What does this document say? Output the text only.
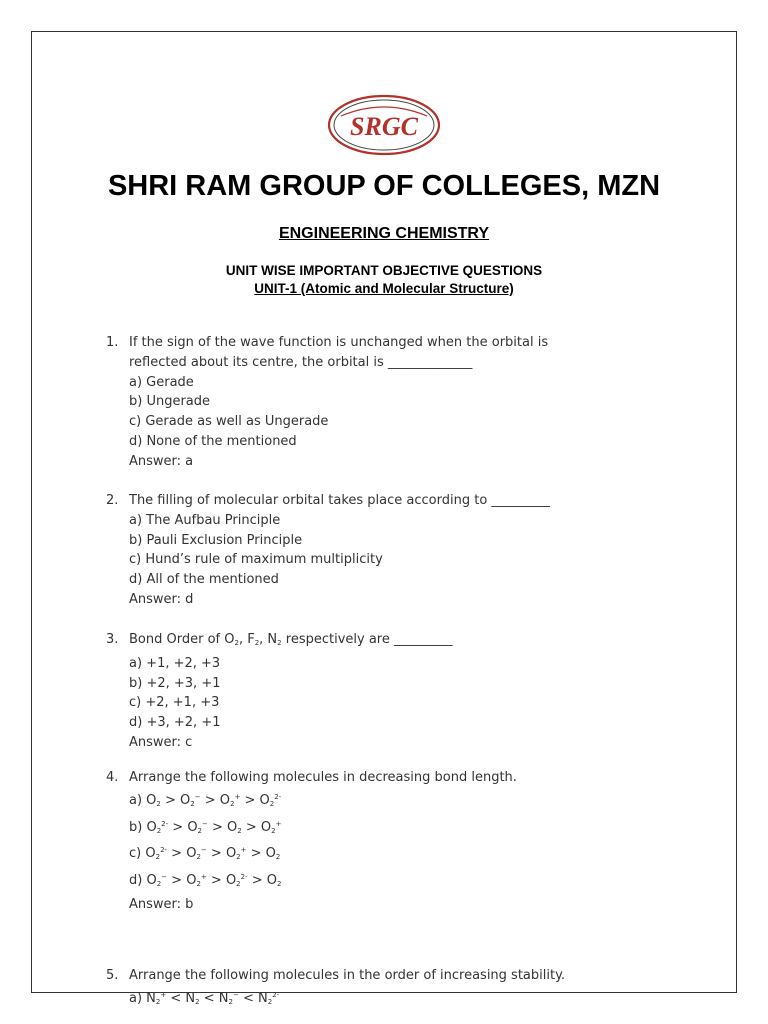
SRGC
SHRI RAM GROUP OF COLLEGES, MZN
ENGINEERING CHEMISTRY
UNIT WISE IMPORTANT OBJECTIVE QUESTIONS
UNIT-1 (Atomic and Molecular Structure)
1. If the sign of the wave function is unchanged when the orbital is
reflected about its centre, the orbital is _____________
a) Gerade
b) Ungerade
c) Gerade as well as Ungerade
d) None of the mentioned
Answer: a
2. The filling of molecular orbital takes place according to _________
a) The Aufbau Principle
b) Pauli Exclusion Principle
c) Hund’s rule of maximum multiplicity
d) All of the mentioned
Answer: d
3. Bond Order of $O_2$, $F_2$, $N_2$ respectively are _________
a) +1, +2, +3
b) +2, +3, +1
c) +2, +1, +3
d) +3, +2, +1
Answer: c
4. Arrange the following molecules in decreasing bond length.
a) $O_2 > O_2^- > O_2^+ > O_2^{2-}$
b) $O_2^{2-} > O_2^- > O_2 > O_2^+$
c) $O_2^{2-} > O_2^- > O_2^+ > O_2$
d) $O_2^- > O_2^+ > O_2^{2-} > O_2$
Answer: b
5. Arrange the following molecules in the order of increasing stability.
a) $N_2^+ < N_2 < N_2^- < N_2^{2-}$
